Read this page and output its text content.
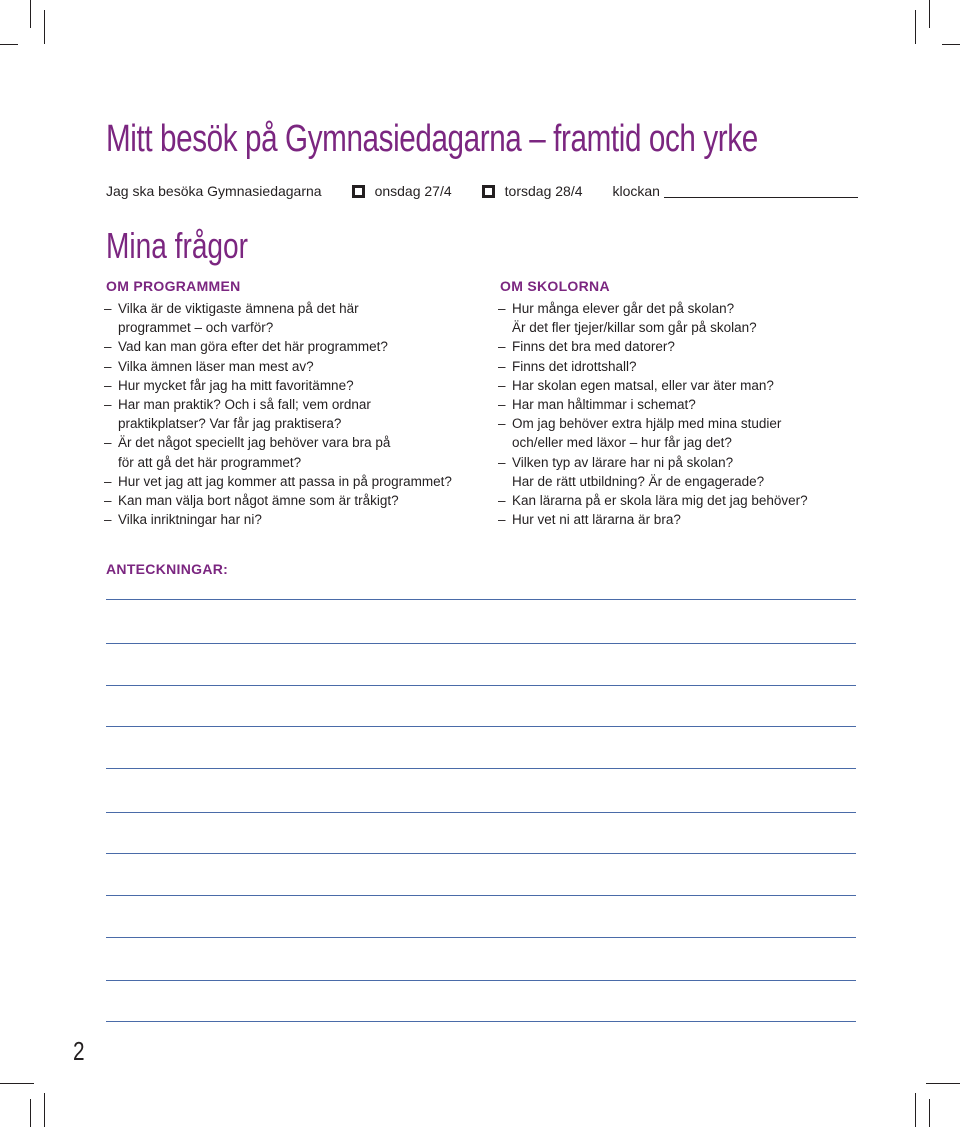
Mitt besök på Gymnasiedagarna – framtid och yrke
Jag ska besöka Gymnasiedagarna	onsdag 27/4	torsdag 28/4 klockan
Mina frågor
OM PROGRAMMEN
– Vilka är de viktigaste ämnena på det här
programmet – och varför?
– Vad kan man göra efter det här programmet?
– Vilka ämnen läser man mest av?
– Hur mycket får jag ha mitt favoritämne?
– Har man praktik? Och i så fall; vem ordnar
praktikplatser? Var får jag praktisera?
– Är det något speciellt jag behöver vara bra på
för att gå det här programmet?
– Hur vet jag att jag kommer att passa in på programmet?
– Kan man välja bort något ämne som är tråkigt?
– Vilka inriktningar har ni?
OM SKOLORNA
– Hur många elever går det på skolan?
Är det fler tjejer/killar som går på skolan?
– Finns det bra med datorer?
– Finns det idrottshall?
– Har skolan egen matsal, eller var äter man?
– Har man håltimmar i schemat?
– Om jag behöver extra hjälp med mina studier
och/eller med läxor – hur får jag det?
– Vilken typ av lärare har ni på skolan?
Har de rätt utbildning? Är de engagerade?
– Kan lärarna på er skola lära mig det jag behöver?
– Hur vet ni att lärarna är bra?
ANTECKNINGAR:
2
